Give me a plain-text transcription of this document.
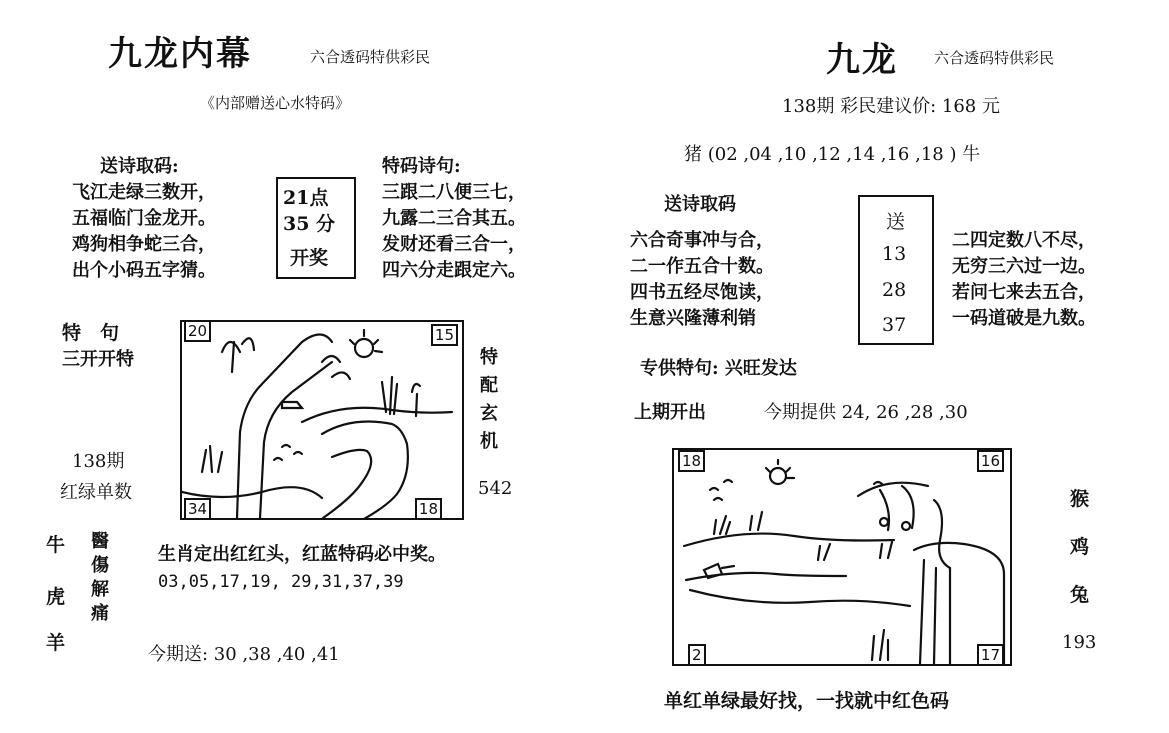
九龙内幕	六合透码特供彩民
《内部赠送心水特码》
送诗取码:
飞江走绿三数开，
五福临门金龙开。
鸡狗相争蛇三合，
出个小码五字猜。
21点
35 分
开奖
特码诗句:
三跟二八便三七，
九露二三合其五。
发财还看三合一，
四六分走跟定六。
特　句
三开开特
138期
红绿单数
20	15
34	18
特
配
玄
机
542
牛
虎
羊
醫
傷
解
痛
生肖定出红红头，红蓝特码必中奖。
03,05,17,19, 29,31,37,39
今期送: 30 ,38 ,40 ,41
九龙 六合透码特供彩民
138期 彩民建议价: 168 元
猪 (02 ,04 ,10 ,12 ,14 ,16 ,18 ) 牛
送诗取码
六合奇事冲与合，
二一作五合十数。
四书五经尽饱读，
生意兴隆薄利销
送
13
28
37
二四定数八不尽，
无穷三六过一边。
若问七来去五合，
一码道破是九数。
专供特句: 兴旺发达
上期开出	今期提供 24, 26 ,28 ,30
18	16
2	17
猴
鸡
兔
193
单红单绿最好找，一找就中红色码
